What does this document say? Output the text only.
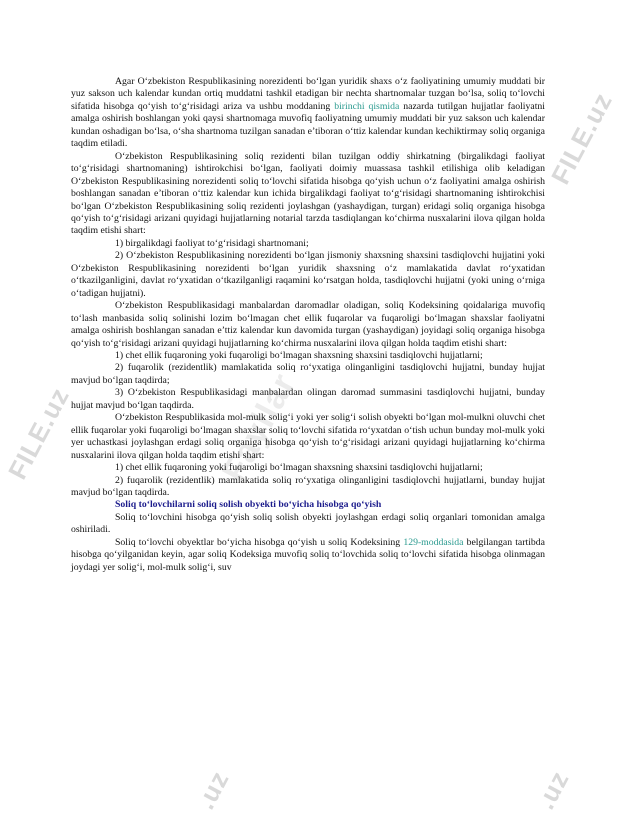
FILE.uz	Fayllar
FILE.uz
.uz	.uz

Agar O‘zbekiston Respublikasining norezidenti bo‘lgan yuridik shaxs o‘z faoliyatining umumiy muddati bir yuz sakson uch kalendar kundan ortiq muddatni tashkil etadigan bir nechta shartnomalar tuzgan bo‘lsa, soliq to‘lovchi sifatida hisobga qo‘yish to‘g‘risidagi ariza va ushbu moddaning birinchi qismida nazarda tutilgan hujjatlar faoliyatni amalga oshirish boshlangan yoki qaysi shartnomaga muvofiq faoliyatning umumiy muddati bir yuz sakson uch kalendar kundan oshadigan bo‘lsa, o‘sha shartnoma tuzilgan sanadan e’tiboran o‘ttiz kalendar kundan kechiktirmay soliq organiga taqdim etiladi.

O‘zbekiston Respublikasining soliq rezidenti bilan tuzilgan oddiy shirkatning (birgalikdagi faoliyat to‘g‘risidagi shartnomaning) ishtirokchisi bo‘lgan, faoliyati doimiy muassasa tashkil etilishiga olib keladigan O‘zbekiston Respublikasining norezidenti soliq to‘lovchi sifatida hisobga qo‘yish uchun o‘z faoliyatini amalga oshirish boshlangan sanadan e’tiboran o‘ttiz kalendar kun ichida birgalikdagi faoliyat to‘g‘risidagi shartnomaning ishtirokchisi bo‘lgan O‘zbekiston Respublikasining soliq rezidenti joylashgan (yashaydigan, turgan) eridagi soliq organiga hisobga qo‘yish to‘g‘risidagi arizani quyidagi hujjatlarning notarial tarzda tasdiqlangan ko‘chirma nusxalarini ilova qilgan holda taqdim etishi shart:

1) birgalikdagi faoliyat to‘g‘risidagi shartnomani;

2) O‘zbekiston Respublikasining norezidenti bo‘lgan jismoniy shaxsning shaxsini tasdiqlovchi hujjatini yoki O‘zbekiston Respublikasining norezidenti bo‘lgan yuridik shaxsning o‘z mamlakatida davlat ro‘yxatidan o‘tkazilganligini, davlat ro‘yxatidan o‘tkazilganligi raqamini ko‘rsatgan holda, tasdiqlovchi hujjatni (yoki uning o‘rniga o‘tadigan hujjatni).

O‘zbekiston Respublikasidagi manbalardan daromadlar oladigan, soliq Kodeksining qoidalariga muvofiq to‘lash manbasida soliq solinishi lozim bo‘lmagan chet ellik fuqarolar va fuqaroligi bo‘lmagan shaxslar faoliyatni amalga oshirish boshlangan sanadan e’ttiz kalendar kun davomida turgan (yashaydigan) joyidagi soliq organiga hisobga qo‘yish to‘g‘risidagi arizani quyidagi hujjatlarning ko‘chirma nusxalarini ilova qilgan holda taqdim etishi shart:

1) chet ellik fuqaroning yoki fuqaroligi bo‘lmagan shaxsning shaxsini tasdiqlovchi hujjatlarni;

2) fuqarolik (rezidentlik) mamlakatida soliq ro‘yxatiga olinganligini tasdiqlovchi hujjatni, bunday hujjat mavjud bo‘lgan taqdirda;

3) O‘zbekiston Respublikasidagi manbalardan olingan daromad summasini tasdiqlovchi hujjatni, bunday hujjat mavjud bo‘lgan taqdirda.

O‘zbekiston Respublikasida mol-mulk solig‘i yoki yer solig‘i solish obyekti bo‘lgan mol-mulkni oluvchi chet ellik fuqarolar yoki fuqaroligi bo‘lmagan shaxslar soliq to‘lovchi sifatida ro‘yxatdan o‘tish uchun bunday mol-mulk yoki yer uchastkasi joylashgan erdagi soliq organiga hisobga qo‘yish to‘g‘risidagi arizani quyidagi hujjatlarning ko‘chirma nusxalarini ilova qilgan holda taqdim etishi shart:

1) chet ellik fuqaroning yoki fuqaroligi bo‘lmagan shaxsning shaxsini tasdiqlovchi hujjatlarni;

2) fuqarolik (rezidentlik) mamlakatida soliq ro‘yxatiga olinganligini tasdiqlovchi hujjatlarni, bunday hujjat mavjud bo‘lgan taqdirda.

Soliq to‘lovchilarni soliq solish obyekti bo‘yicha hisobga qo‘yish

Soliq to‘lovchini hisobga qo‘yish soliq solish obyekti joylashgan erdagi soliq organlari tomonidan amalga oshiriladi.

Soliq to‘lovchi obyektlar bo‘yicha hisobga qo‘yish u soliq Kodeksining 129-moddasida belgilangan tartibda hisobga qo‘yilganidan keyin, agar soliq Kodeksiga muvofiq soliq to‘lovchida soliq to‘lovchi sifatida hisobga olinmagan joydagi yer solig‘i, mol-mulk solig‘i, suv
